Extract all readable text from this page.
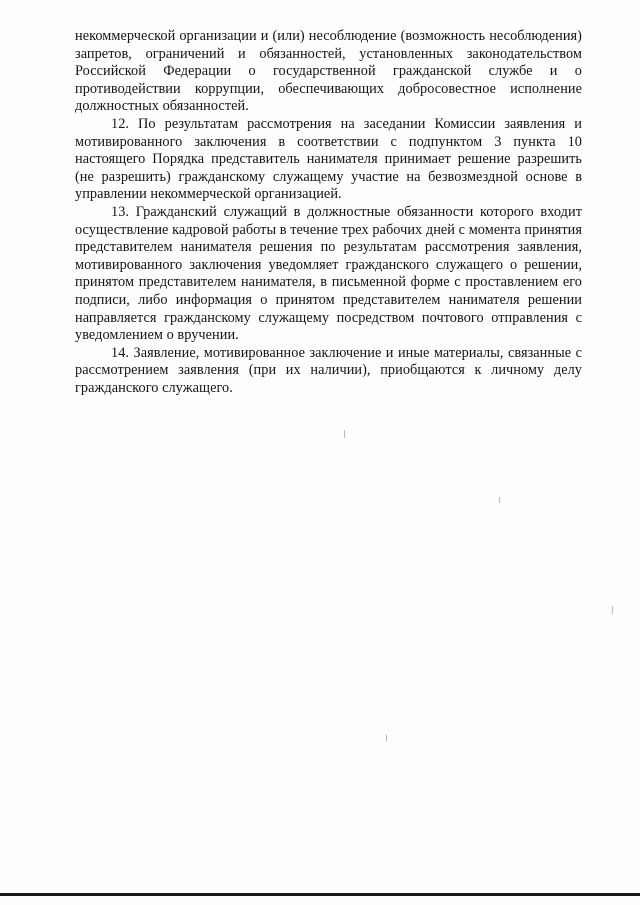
некоммерческой организации и (или) несоблюдение (возможность несоблюдения) запретов, ограничений и обязанностей, установленных законодательством Российской Федерации о государственной гражданской службе и о противодействии коррупции, обеспечивающих добросовестное исполнение должностных обязанностей.

12. По результатам рассмотрения на заседании Комиссии заявления и мотивированного заключения в соответствии с подпунктом 3 пункта 10 настоящего Порядка представитель нанимателя принимает решение разрешить (не разрешить) гражданскому служащему участие на безвозмездной основе в управлении некоммерческой организацией.

13. Гражданский служащий в должностные обязанности которого входит осуществление кадровой работы в течение трех рабочих дней с момента принятия представителем нанимателя решения по результатам рассмотрения заявления, мотивированного заключения уведомляет гражданского служащего о решении, принятом представителем нанимателя, в письменной форме с проставлением его подписи, либо информация о принятом представителем нанимателя решении направляется гражданскому служащему посредством почтового отправления с уведомлением о вручении.

14. Заявление, мотивированное заключение и иные материалы, связанные с рассмотрением заявления (при их наличии), приобщаются к личному делу гражданского служащего.
